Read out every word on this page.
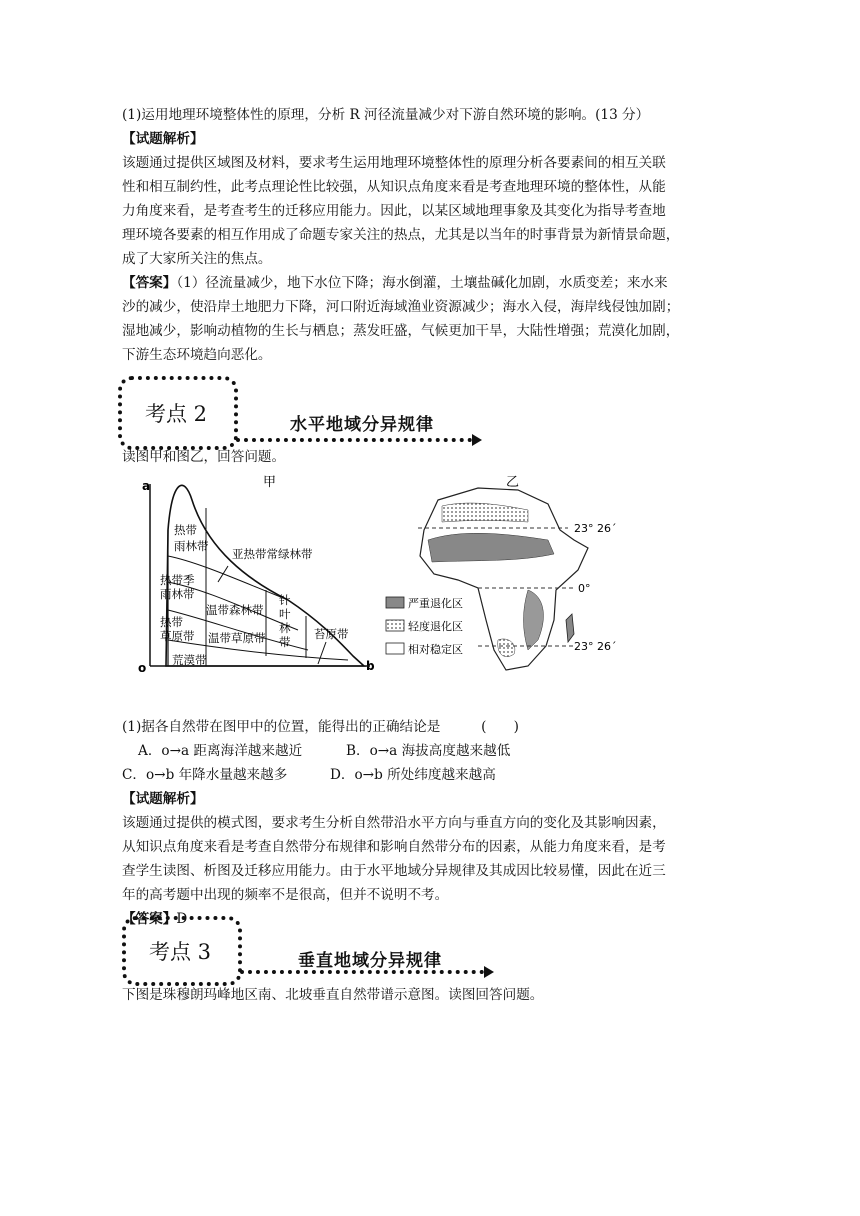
(1)运用地理环境整体性的原理，分析 R 河径流量减少对下游自然环境的影响。(13 分）

【试题解析】

该题通过提供区域图及材料，要求考生运用地理环境整体性的原理分析各要素间的相互关联

性和相互制约性，此考点理论性比较强，从知识点角度来看是考查地理环境的整体性，从能

力角度来看，是考查考生的迁移应用能力。因此，以某区域地理事象及其变化为指导考查地

理环境各要素的相互作用成了命题专家关注的热点，尤其是以当年的时事背景为新情景命题，

成了大家所关注的焦点。

【答案】（1）径流量减少，地下水位下降；海水倒灌，土壤盐碱化加剧，水质变差；来水来

沙的减少，使沿岸土地肥力下降，河口附近海域渔业资源减少；海水入侵，海岸线侵蚀加剧；

湿地减少，影响动植物的生长与栖息；蒸发旺盛，气候更加干旱，大陆性增强；荒漠化加剧，

下游生态环境趋向恶化。

考点 2	水平地域分异规律

读图甲和图乙，回答问题。

甲
a
b
o
热带
雨林带
亚热带常绿林带
热带季
雨林带
温带森林带
针
叶
林
带
热带
草原带 温带草原带	苔原带
荒漠带
乙
23° 26ˊ
0°
23° 26ˊ
严重退化区
轻度退化区
相对稳定区

(1)据各自然带在图甲中的位置，能得出的正确结论是　　　(　　)

A．o→a 距离海洋越来越近	B．o→a 海拔高度越来越低
C．o→b 年降水量越来越多	D．o→b 所处纬度越来越高

【试题解析】

该题通过提供的模式图，要求考生分析自然带沿水平方向与垂直方向的变化及其影响因素，

从知识点角度来看是考查自然带分布规律和影响自然带分布的因素，从能力角度来看，是考

查学生读图、析图及迁移应用能力。由于水平地域分异规律及其成因比较易懂，因此在近三

年的高考题中出现的频率不是很高，但并不说明不考。

【答案】D

考点 3	垂直地域分异规律

下图是珠穆朗玛峰地区南、北坡垂直自然带谱示意图。读图回答问题。
